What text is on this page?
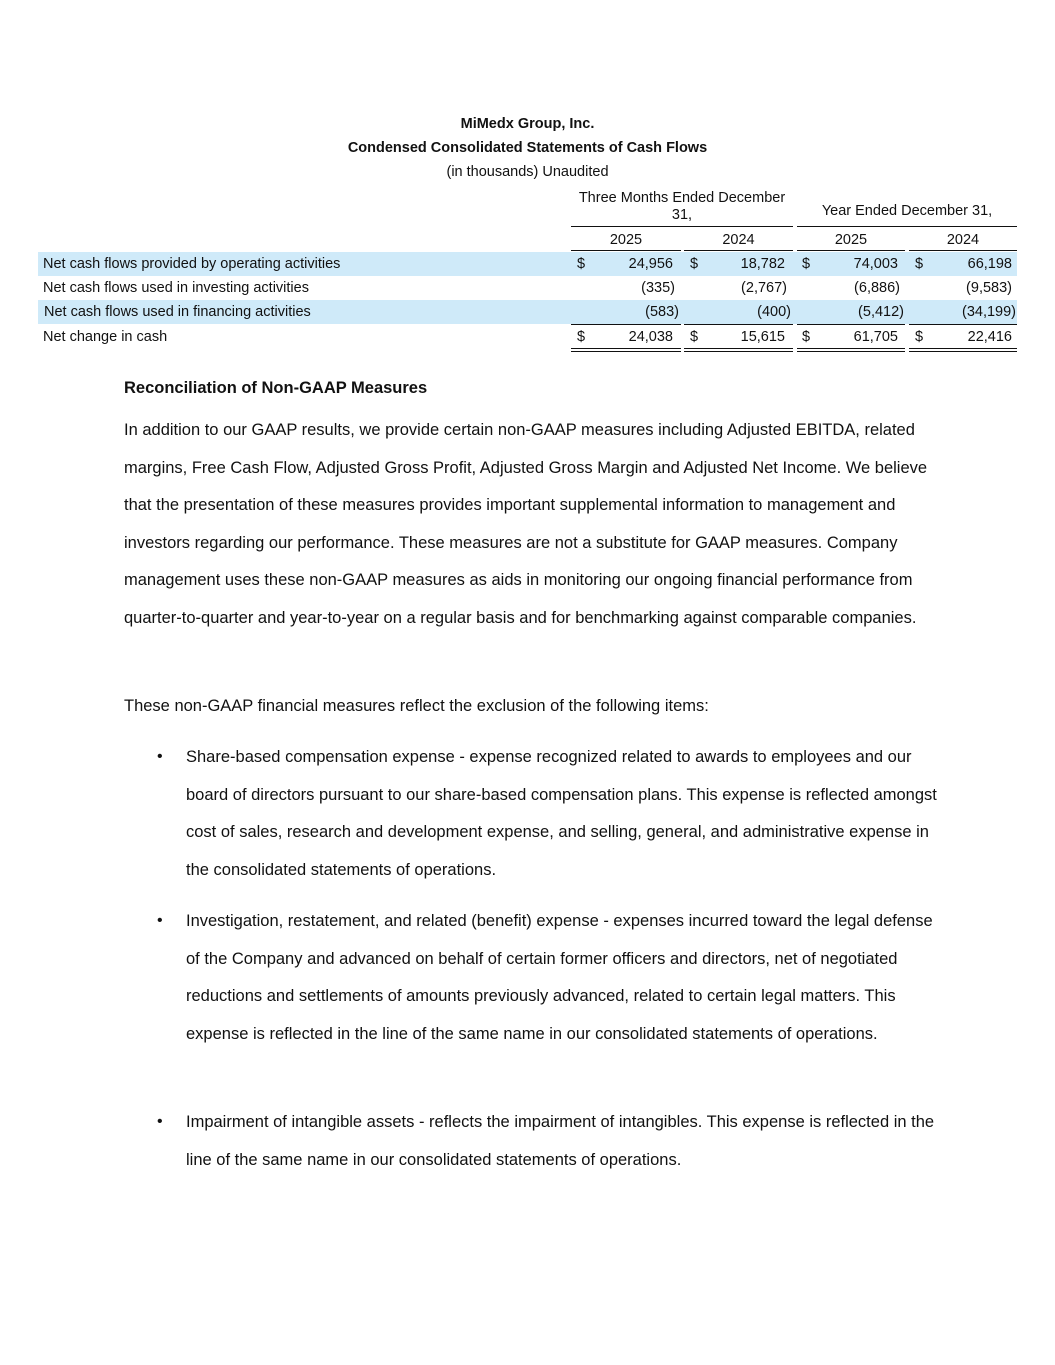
MiMedx Group, Inc.
Condensed Consolidated Statements of Cash Flows
(in thousands) Unaudited
Three Months Ended December 31,	Year Ended December 31,
2025	2024	2025	2024
Net cash flows provided by operating activities	$	24,956 $	18,782 $	74,003 $	66,198
Net cash flows used in investing activities	(335)	(2,767)	(6,886)	(9,583)
Net cash flows used in financing activities	(583)	(400)	(5,412)	(34,199)
Net change in cash	$	24,038 $	15,615 $	61,705 $	22,416
Reconciliation of Non-GAAP Measures
In addition to our GAAP results, we provide certain non-GAAP measures including Adjusted EBITDA, related margins, Free Cash Flow, Adjusted Gross Profit, Adjusted Gross Margin and Adjusted Net Income. We believe that the presentation of these measures provides important supplemental information to management and investors regarding our performance. These measures are not a substitute for GAAP measures. Company management uses these non-GAAP measures as aids in monitoring our ongoing financial performance from quarter-to-quarter and year-to-year on a regular basis and for benchmarking against comparable companies.
These non-GAAP financial measures reflect the exclusion of the following items:
• Share-based compensation expense - expense recognized related to awards to employees and our board of directors pursuant to our share-based compensation plans. This expense is reflected amongst cost of sales, research and development expense, and selling, general, and administrative expense in the consolidated statements of operations.
• Investigation, restatement, and related (benefit) expense - expenses incurred toward the legal defense of the Company and advanced on behalf of certain former officers and directors, net of negotiated reductions and settlements of amounts previously advanced, related to certain legal matters. This expense is reflected in the line of the same name in our consolidated statements of operations.
• Impairment of intangible assets - reflects the impairment of intangibles. This expense is reflected in the line of the same name in our consolidated statements of operations.
